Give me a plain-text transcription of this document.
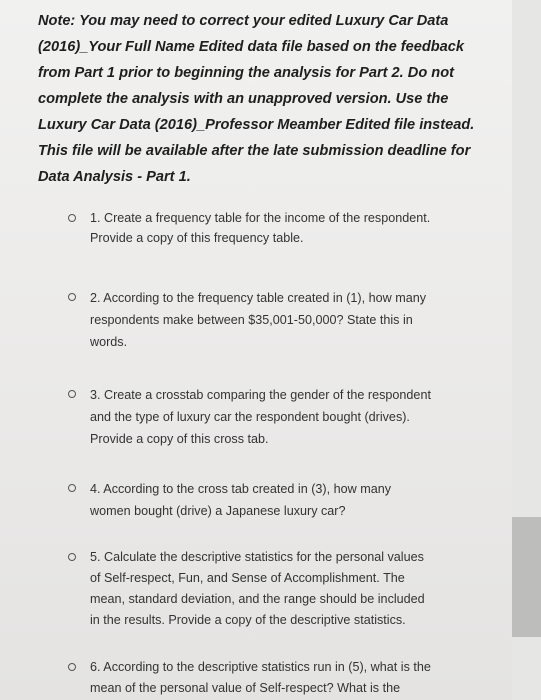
Note: You may need to correct your edited Luxury Car Data
(2016)_Your Full Name Edited data file based on the feedback
from Part 1 prior to beginning the analysis for Part 2. Do not
complete the analysis with an unapproved version. Use the
Luxury Car Data (2016)_Professor Meamber Edited file instead.
This file will be available after the late submission deadline for
Data Analysis - Part 1.
1. Create a frequency table for the income of the respondent.
Provide a copy of this frequency table.
2. According to the frequency table created in (1), how many
respondents make between $35,001-50,000? State this in
words.
3. Create a crosstab comparing the gender of the respondent
and the type of luxury car the respondent bought (drives).
Provide a copy of this cross tab.
4. According to the cross tab created in (3), how many
women bought (drive) a Japanese luxury car?
5. Calculate the descriptive statistics for the personal values
of Self-respect, Fun, and Sense of Accomplishment. The
mean, standard deviation, and the range should be included
in the results. Provide a copy of the descriptive statistics.
6. According to the descriptive statistics run in (5), what is the
mean of the personal value of Self-respect? What is the
